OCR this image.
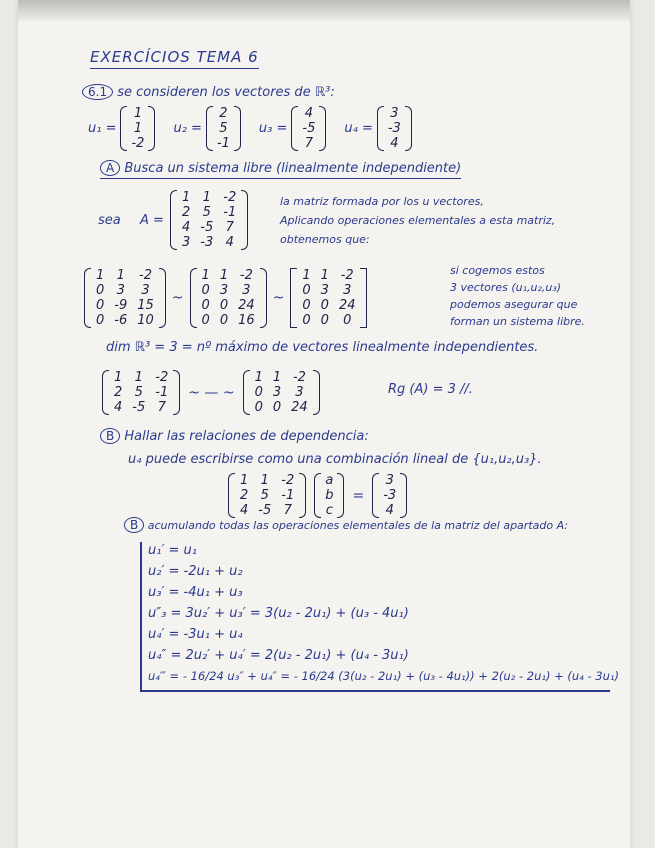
EXERCÍCIOS TEMA 6
6.1 se consideren los vectores de ℝ³:
u₁ =
1
1
-2
u₂ =
2
5
-1
u₃ =
4
-5
7
u₄ =
3
-3
4
A Busca un sistema libre (linealmente independiente)
sea A =
1	1	-2
2	5	-1
4	-5	7
3	-3	4
la matriz formada por los u vectores,
Aplicando operaciones elementales a esta matriz,
obtenemos que:
1	1	-2
0	3	3
0	-9	15
0	-6	10
~
1	1	-2
0	3	3
0	0	24
0	0	16
~
1	1	-2
0	3	3
0	0	24
0	0	0
si cogemos estos
3 vectores (u₁,u₂,u₃)
podemos asegurar que
forman un sistema libre.
dim ℝ³ = 3 = nº máximo de vectores linealmente independientes.
1	1	-2
2	5	-1
4	-5	7
~ — ~
1	1	-2
0	3	3
0	0	24
Rg (A) = 3 //.
B Hallar las relaciones de dependencia:
u₄ puede escribirse como una combinación lineal de {u₁,u₂,u₃}.
1	1	-2
2	5	-1
4	-5	7
a
b
c
=
3
-3
4
B acumulando todas las operaciones elementales de la matriz del apartado A:
u₁′ = u₁
u₂′ = -2u₁ + u₂
u₃′ = -4u₁ + u₃
u″₃ = 3u₂′ + u₃′ = 3(u₂ - 2u₁) + (u₃ - 4u₁)
u₄′ = -3u₁ + u₄
u₄″ = 2u₂′ + u₄′ = 2(u₂ - 2u₁) + (u₄ - 3u₁)
u₄‴ = - 16/24 u₃″ + u₄″ = - 16/24 (3(u₂ - 2u₁) + (u₃ - 4u₁)) + 2(u₂ - 2u₁) + (u₄ - 3u₁)
